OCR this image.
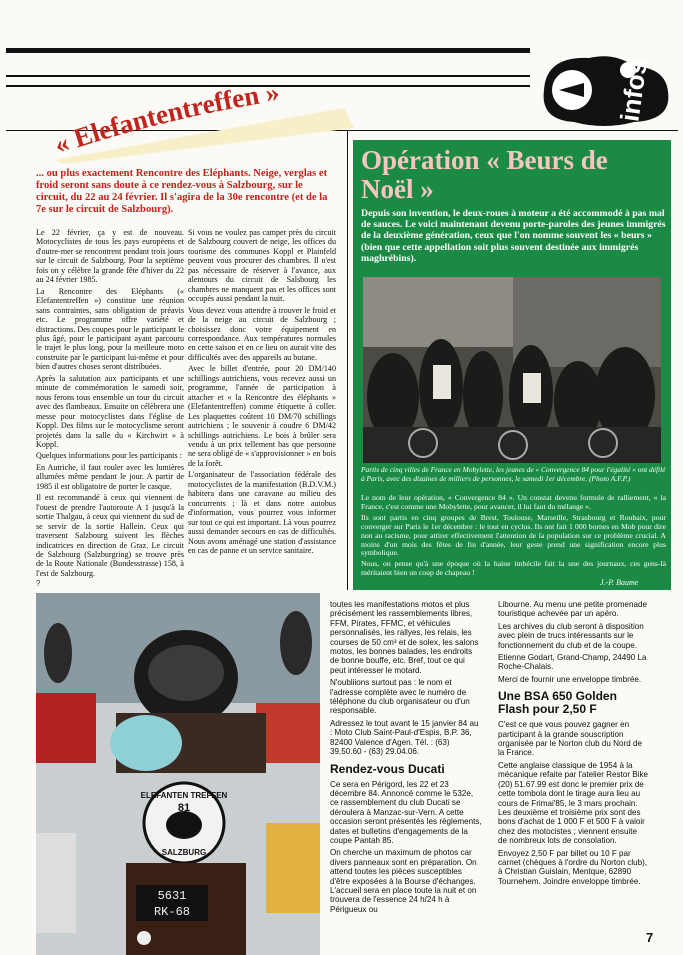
« Elefantentreffen »	infos
... ou plus exactement Rencontre des Eléphants. Neige, verglas et froid seront sans doute à ce rendez-vous à Salzbourg, sur le circuit, du 22 au 24 février. Il s'agira de la 30e rencontre (et de la 7e sur le circuit de Salzbourg).

Le 22 février, ça y est de nouveau. Motocyclistes de tous les pays européens et d'outre-mer se rencontrent pendant trois jours sur le circuit de Salzbourg. Pour la septième fois on y célèbre la grande fête d'hiver du 22 au 24 février 1985.

La Rencontre des Eléphants (« Elefantentreffen ») constitue une réunion sans contraintes, sans obligation de préavis etc. Le programme offre variété et distractions. Des coupes pour le participant le plus âgé, pour le participant ayant parcouru le trajet le plus long, pour la meilleure moto construite par le participant lui-même et pour bien d'autres choses seront distribuées.

Après la salutation aux participants et une minute de commémoration le samedi soir, nous ferons tous ensemble un tour du circuit avec des flambeaux. Ensuite on célèbrera une messe pour motocyclistes dans l'église de Koppl. Des films sur le motocyclisme seront projetés dans la salle du « Kirchwirt » à Koppl.

Quelques informations pour les participants :

En Autriche, il faut rouler avec les lumières allumées même pendant le jour. A partir de 1985 il est obligatoire de porter le casque.

Il est recommandé à ceux qui viennent de l'ouest de prendre l'autoroute A 1 jusqu'à la sortie Thalgau, à ceux qui viennent du sud de se servir de la sortie Hallein. Ceux qui traversent Salzbourg suivent les flèches indicatrices en direction de Graz. Le circuit de Salzbourg (Salzburgring) se trouve près de la Route Nationale (Bundesstrasse) 158, à l'est de Salzbourg.

Si vous ne voulez pas camper près du circuit de Salzbourg couvert de neige, les offices du tourisme des communes Koppl et Plainfeld peuvent vous procurer des chambres. Il n'est pas nécessaire de réserver à l'avance, aux alentours du circuit de Salsbourg les chambres ne manquent pas et les offices sont occupés aussi pendant la nuit.

Vous devez vous attendre à trouver le froid et de la neige au circuit de Salzbourg ; choisissez donc votre équipement en correspondance. Aux températures normales en cette saison et en ce lieu on aurait vite des difficultés avec des appareils au butane.

Avec le billet d'entrée, pour 20 DM/140 schillings autrichiens, vous recevez aussi un programme, l'année de participation à attacher et « la Rencontre des éléphants » (Elefantentreffen) comme étiquette à coller. Les plaquettes coûtent 10 DM/70 schillings autrichiens ; le souvenir à coudre 6 DM/42 schillings autrichiens. Le bois à brûler sera vendu à un prix tellement bas que personne ne sera obligé de « s'approvisionner » en bois de la forêt.

L'organisateur de l'association fédérale des motocyclistes de la manifestation (B.D.V.M.) habitera dans une caravane au milieu des concurrents ; là et dans notre autobus d'information, vous pourrez vous informer sur tout ce qui est important. Là vous pourrez aussi demander secours en cas de difficultés. Nous avons aménagé une station d'assistance en cas de panne et un service sanitaire.

Opération « Beurs de Noël »
Depuis son invention, le deux-roues à moteur a été accommodé à pas mal de sauces. Le voici maintenant devenu porte-paroles des jeunes immigrés de la deuxième génération, ceux que l'on nomme souvent les « beurs » (bien que cette appellation soit plus souvent destinée aux immigrés maghrébins).
Partis de cinq villes de France en Mobylette, les jeunes de « Convergence 84 pour l'égalité » ont défilé à Paris, avec des dizaines de milliers de personnes, le samedi 1er décembre. (Photo A.F.P.)

Le nom de leur opération, « Convergence 84 ». Un constat devenu formule de ralliement, « la France, c'est comme une Mobylette, pour avancer, il lui faut du mélange ».

Ils sont partis en cinq groupes de Brest, Toulouse, Marseille, Strasbourg et Roubaix, pour converger sur Paris le 1er décembre : le tout en cyclos. Ils ont fait 1 000 bornes en Mob pour dire non au racisme, pour attirer effectivement l'attention de la population sur ce problème crucial. A moins d'un mois des fêtes de fin d'année, leur geste prend une signification encore plus symbolique.

Nous, on pense qu'à une époque où la haine imbécile fait la une des journaux, ces gens-là méritaient bien un coup de chapeau !

J.-P. Baume
?
ELEFANTEN TREFFEN
81
SALZBURG
5631
RK-68

toutes les manifestations motos et plus précisément les rassemblements libres, FFM, Pirates, FFMC, et véhicules personnalisés, les rallyes, les relais, les courses de 50 cm³ et de solex, les salons motos, les bonnes balades, les endroits de bonne bouffe, etc. Bref, tout ce qui peut intéresser le motard.

N'oubliions surtout pas : le nom et l'adresse complète avec le numéro de téléphone du club organisateur ou d'un responsable.

Adressez le tout avant le 15 janvier 84 au : Moto Club Saint-Paul-d'Espis, B.P. 36, 82400 Valence d'Agen. Tél. : (63) 39.50.60 - (63) 29.04.06.

Rendez-vous Ducati

Ce sera en Périgord, les 22 et 23 décembre 84. Annoncé comme le 532e, ce rassemblement du club Ducati se déroulera à Manzac-sur-Vern. A cette occasion seront présentés les règlements, dates et bulletins d'engagements de la coupe Pantah 85.

On cherche un maximum de photos car divers panneaux sont en préparation. On attend toutes les pièces susceptibles d'être exposées à la Bourse d'échanges. L'accueil sera en place toute la nuit et on trouvera de l'essence 24 h/24 h à Périgueux ou

Libourne. Au menu une petite promenade touristique achevée par un apéro.

Les archives du club seront à disposition avec plein de trucs intéressants sur le fonctionnement du club et de la coupe.

Etienne Godart, Grand-Champ, 24490 La Roche-Chalais.

Merci de fournir une enveloppe timbrée.

Une BSA 650 Golden Flash pour 2,50 F

C'est ce que vous pouvez gagner en participant à la grande souscription organisée par le Norton club du Nord de la France.

Cette anglaise classique de 1954 à la mécanique refaite par l'atelier Restor Bike (20) 51.67.99 est donc le premier prix de cette tombola dont le tirage aura lieu au cours de Frimai'85, le 3 mars prochain. Les deuxième et troisième prix sont des bons d'achat de 1 000 F et 500 F à valoir chez des motocistes ; viennent ensuite de nombreux lots de consolation.

Envoyez 2,50 F par billet ou 10 F par carnet (chèques à l'ordre du Norton club), à Christian Guislain, Mentque, 62890 Tournehem. Joindre enveloppe timbrée.

7
